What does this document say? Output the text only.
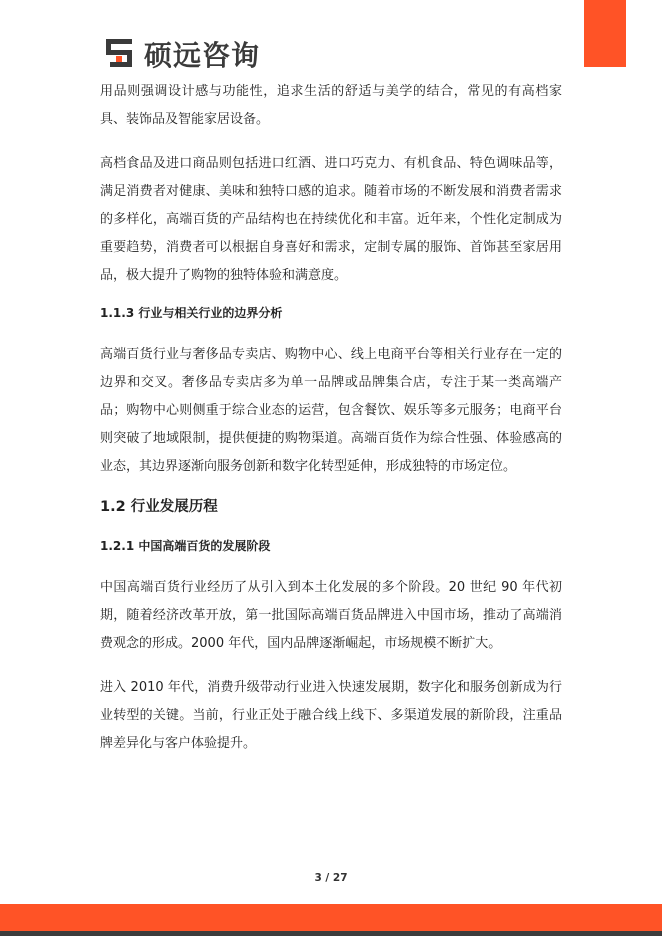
硕远咨询

用品则强调设计感与功能性，追求生活的舒适与美学的结合，常见的有高档家具、装饰品及智能家居设备。

高档食品及进口商品则包括进口红酒、进口巧克力、有机食品、特色调味品等，满足消费者对健康、美味和独特口感的追求。随着市场的不断发展和消费者需求的多样化，高端百货的产品结构也在持续优化和丰富。近年来，个性化定制成为重要趋势，消费者可以根据自身喜好和需求，定制专属的服饰、首饰甚至家居用品，极大提升了购物的独特体验和满意度。

1.1.3 行业与相关行业的边界分析

高端百货行业与奢侈品专卖店、购物中心、线上电商平台等相关行业存在一定的边界和交叉。奢侈品专卖店多为单一品牌或品牌集合店，专注于某一类高端产品；购物中心则侧重于综合业态的运营，包含餐饮、娱乐等多元服务；电商平台则突破了地域限制，提供便捷的购物渠道。高端百货作为综合性强、体验感高的业态，其边界逐渐向服务创新和数字化转型延伸，形成独特的市场定位。

1.2 行业发展历程
1.2.1 中国高端百货的发展阶段

中国高端百货行业经历了从引入到本土化发展的多个阶段。20 世纪 90 年代初期，随着经济改革开放，第一批国际高端百货品牌进入中国市场，推动了高端消费观念的形成。2000 年代，国内品牌逐渐崛起，市场规模不断扩大。

进入 2010 年代，消费升级带动行业进入快速发展期，数字化和服务创新成为行业转型的关键。当前，行业正处于融合线上线下、多渠道发展的新阶段，注重品牌差异化与客户体验提升。

3 / 27
